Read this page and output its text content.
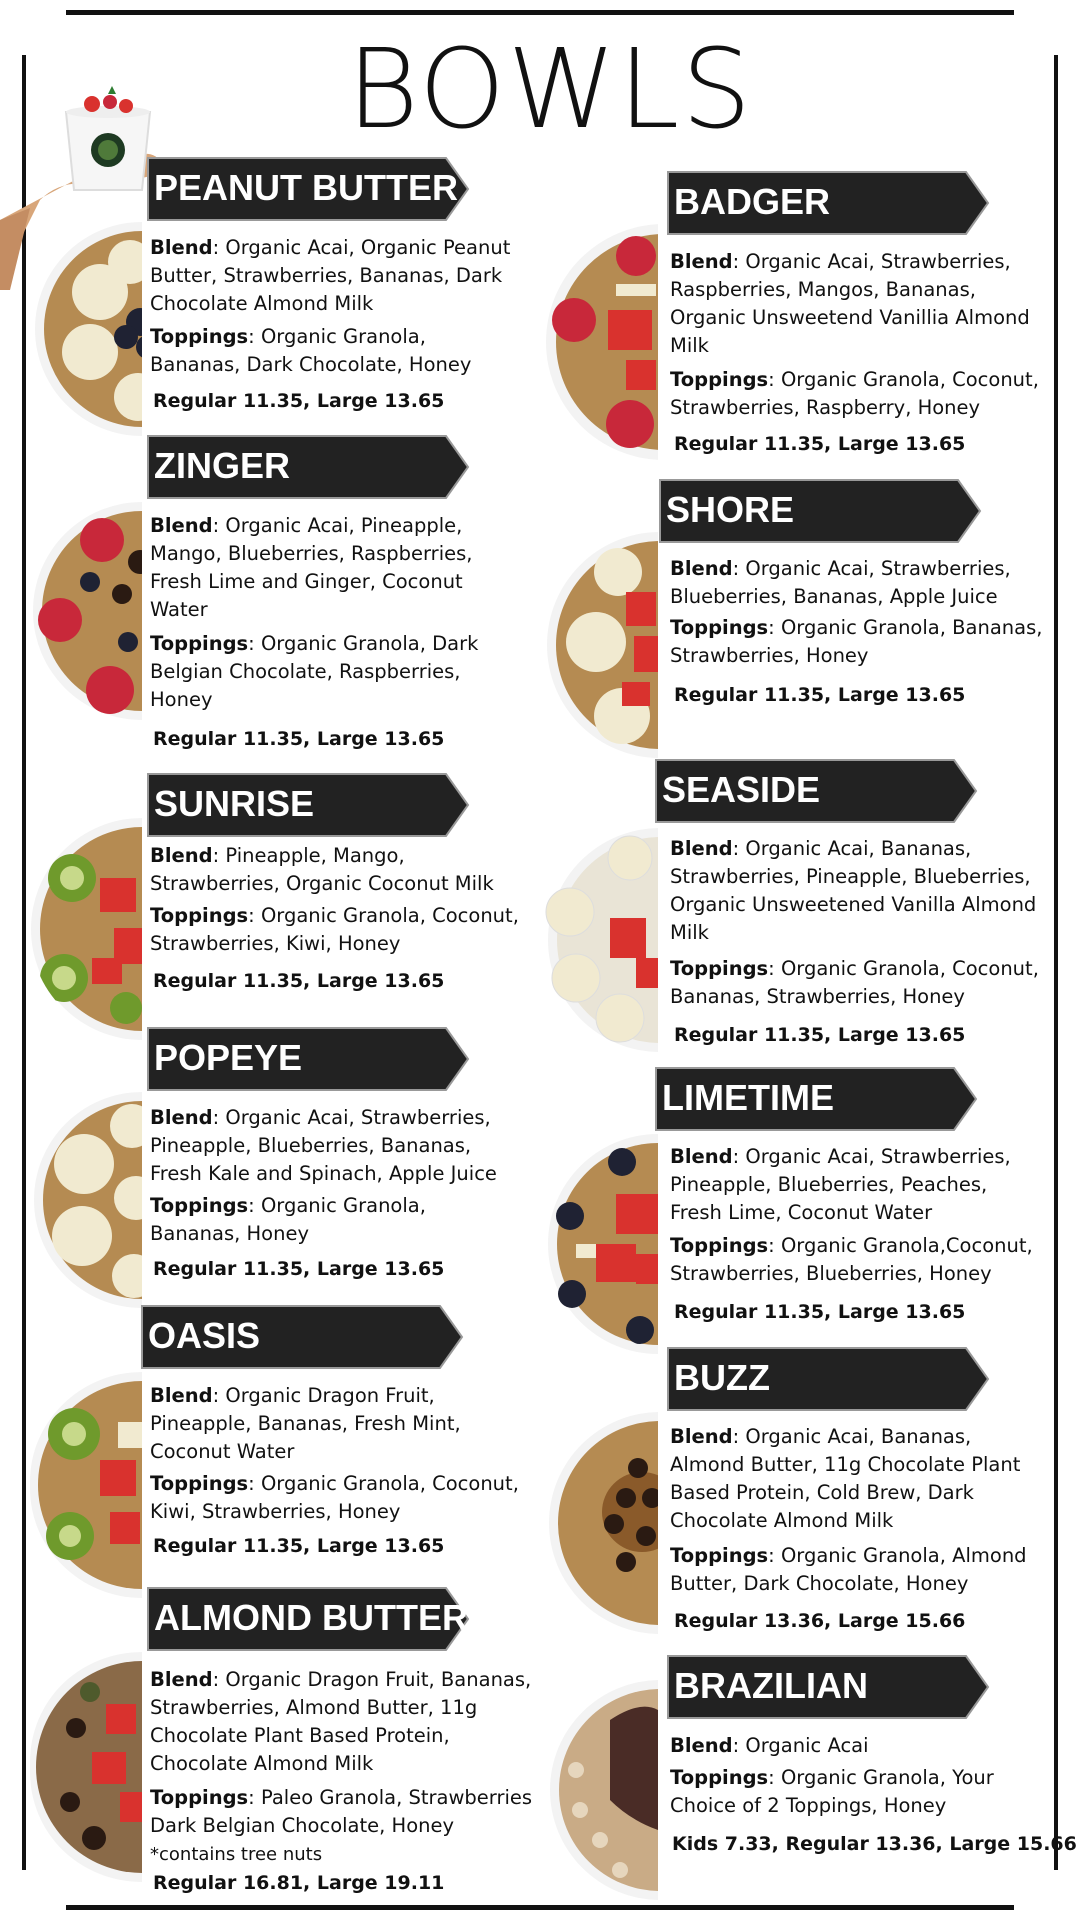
BOWLS
PEANUT BUTTER
Blend: Organic Acai, Organic Peanut Butter, Strawberries, Bananas, Dark Chocolate Almond Milk
Toppings: Organic Granola, Bananas, Dark Chocolate, Honey
Regular 11.35, Large 13.65
ZINGER
Blend: Organic Acai, Pineapple, Mango, Blueberries, Raspberries, Fresh Lime and Ginger, Coconut Water
Toppings: Organic Granola, Dark Belgian Chocolate, Raspberries, Honey
Regular 11.35, Large 13.65
SUNRISE
Blend: Pineapple, Mango, Strawberries, Organic Coconut Milk
Toppings: Organic Granola, Coconut, Strawberries, Kiwi, Honey
Regular 11.35, Large 13.65
POPEYE
Blend: Organic Acai, Strawberries, Pineapple, Blueberries, Bananas, Fresh Kale and Spinach, Apple Juice
Toppings: Organic Granola, Bananas, Honey
Regular 11.35, Large 13.65
OASIS
Blend: Organic Dragon Fruit, Pineapple, Bananas, Fresh Mint, Coconut Water
Toppings: Organic Granola, Coconut, Kiwi, Strawberries, Honey
Regular 11.35, Large 13.65
ALMOND BUTTER
Blend: Organic Dragon Fruit, Bananas, Strawberries, Almond Butter, 11g Chocolate Plant Based Protein, Chocolate Almond Milk
Toppings: Paleo Granola, Strawberries Dark Belgian Chocolate, Honey
*contains tree nuts
Regular 16.81, Large 19.11
BADGER
Blend: Organic Acai, Strawberries, Raspberries, Mangos, Bananas, Organic Unsweetend Vanillia Almond Milk
Toppings: Organic Granola, Coconut, Strawberries, Raspberry, Honey
Regular 11.35, Large 13.65
SHORE
Blend: Organic Acai, Strawberries, Blueberries, Bananas, Apple Juice
Toppings: Organic Granola, Bananas, Strawberries, Honey
Regular 11.35, Large 13.65
SEASIDE
Blend: Organic Acai, Bananas, Strawberries, Pineapple, Blueberries, Organic Unsweetened Vanilla Almond Milk
Toppings: Organic Granola, Coconut, Bananas, Strawberries, Honey
Regular 11.35, Large 13.65
LIMETIME
Blend: Organic Acai, Strawberries, Pineapple, Blueberries, Peaches, Fresh Lime, Coconut Water
Toppings: Organic Granola,Coconut, Strawberries, Blueberries, Honey
Regular 11.35, Large 13.65
BUZZ
Blend: Organic Acai, Bananas, Almond Butter, 11g Chocolate Plant Based Protein, Cold Brew, Dark Chocolate Almond Milk
Toppings: Organic Granola, Almond Butter, Dark Chocolate, Honey
Regular 13.36, Large 15.66
BRAZILIAN
Blend: Organic Acai
Toppings: Organic Granola, Your Choice of 2 Toppings, Honey
Kids 7.33, Regular 13.36, Large 15.66
